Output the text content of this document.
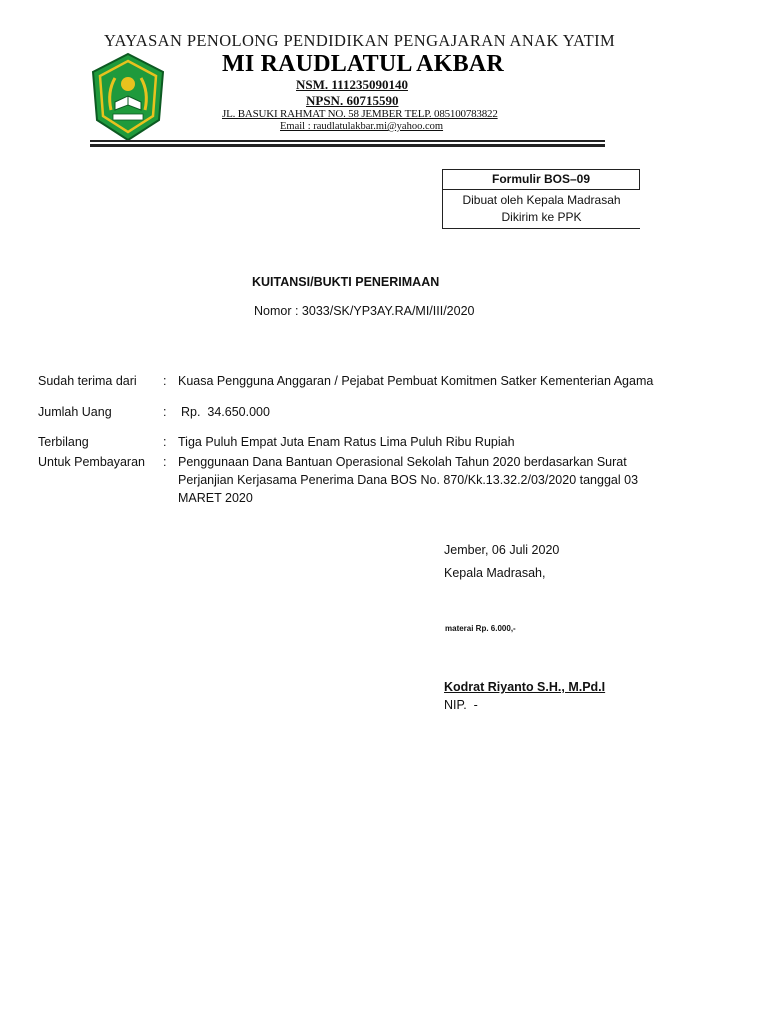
YAYASAN PENOLONG PENDIDIKAN PENGAJARAN ANAK YATIM
MI RAUDLATUL AKBAR
NSM. 111235090140
NPSN. 60715590
JL. BASUKI RAHMAT NO. 58 JEMBER TELP. 085100783822
Email : raudlatulakbar.mi@yahoo.com
Formulir BOS–09
Dibuat oleh Kepala Madrasah
Dikirim ke PPK
KUITANSI/BUKTI PENERIMAAN
Nomor : 3033/SK/YP3AY.RA/MI/III/2020
Sudah terima dari : Kuasa Pengguna Anggaran / Pejabat Pembuat Komitmen Satker Kementerian Agama
Jumlah Uang	: Rp.  34.650.000
Terbilang	: Tiga Puluh Empat Juta Enam Ratus Lima Puluh Ribu Rupiah
Untuk Pembayaran : Penggunaan Dana Bantuan Operasional Sekolah Tahun 2020 berdasarkan Surat Perjanjian Kerjasama Penerima Dana BOS No. 870/Kk.13.32.2/03/2020 tanggal 03 MARET 2020
Jember, 06 Juli 2020
Kepala Madrasah,
materai Rp. 6.000,-
Kodrat Riyanto S.H., M.Pd.I
NIP.  -
